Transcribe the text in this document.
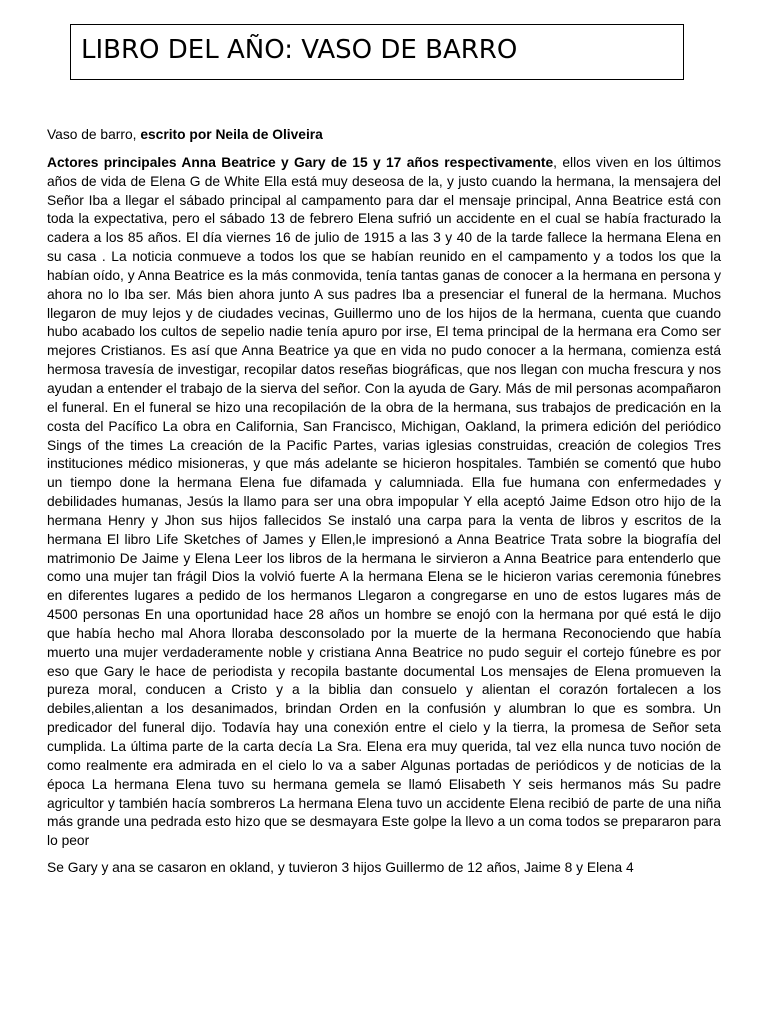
LIBRO DEL AÑO: VASO DE BARRO

Vaso de barro, escrito por Neila de Oliveira

Actores principales Anna Beatrice y Gary de 15 y 17 años respectivamente, ellos viven en los últimos años de vida de Elena G de White Ella está muy deseosa de la, y justo cuando la hermana, la mensajera del Señor Iba a llegar el sábado principal al campamento para dar el mensaje principal, Anna Beatrice está con toda la expectativa, pero el sábado 13 de febrero Elena sufrió un accidente en el cual se había fracturado la cadera a los 85 años. El día viernes 16 de julio de 1915 a las 3 y 40 de la tarde fallece la hermana Elena en su casa . La noticia conmueve a todos los que se habían reunido en el campamento y a todos los que la habían oído, y Anna Beatrice es la más conmovida, tenía tantas ganas de conocer a la hermana en persona y ahora no lo Iba ser. Más bien ahora junto A sus padres Iba a presenciar el funeral de la hermana. Muchos llegaron de muy lejos y de ciudades vecinas, Guillermo uno de los hijos de la hermana, cuenta que cuando hubo acabado los cultos de sepelio nadie tenía apuro por irse, El tema principal de la hermana era Como ser mejores Cristianos. Es así que Anna Beatrice ya que en vida no pudo conocer a la hermana, comienza está hermosa travesía de investigar, recopilar datos reseñas biográficas, que nos llegan con mucha frescura y nos ayudan a entender el trabajo de la sierva del señor. Con la ayuda de Gary. Más de mil personas acompañaron el funeral. En el funeral se hizo una recopilación de la obra de la hermana, sus trabajos de predicación en la costa del Pacífico La obra en California, San Francisco, Michigan, Oakland, la primera edición del periódico Sings of the times La creación de la Pacific Partes, varias iglesias construidas, creación de colegios Tres instituciones médico misioneras, y que más adelante se hicieron hospitales. También se comentó que hubo un tiempo done la hermana Elena fue difamada y calumniada. Ella fue humana con enfermedades y debilidades humanas, Jesús la llamo para ser una obra impopular Y ella aceptó Jaime Edson otro hijo de la hermana Henry y Jhon sus hijos fallecidos Se instaló una carpa para la venta de libros y escritos de la hermana El libro Life Sketches of James y Ellen,le impresionó a Anna Beatrice Trata sobre la biografía del matrimonio De Jaime y Elena Leer los libros de la hermana le sirvieron a Anna Beatrice para entenderlo que como una mujer tan frágil Dios la volvió fuerte A la hermana Elena se le hicieron varias ceremonia fúnebres en diferentes lugares a pedido de los hermanos Llegaron a congregarse en uno de estos lugares más de 4500 personas En una oportunidad hace 28 años un hombre se enojó con la hermana por qué está le dijo que había hecho mal Ahora lloraba desconsolado por la muerte de la hermana Reconociendo que había muerto una mujer verdaderamente noble y cristiana Anna Beatrice no pudo seguir el cortejo fúnebre es por eso que Gary le hace de periodista y recopila bastante documental Los mensajes de Elena promueven la pureza moral, conducen a Cristo y a la biblia dan consuelo y alientan el corazón fortalecen a los debiles,alientan a los desanimados, brindan Orden en la confusión y alumbran lo que es sombra. Un predicador del funeral dijo. Todavía hay una conexión entre el cielo y la tierra, la promesa de Señor seta cumplida. La última parte de la carta decía La Sra. Elena era muy querida, tal vez ella nunca tuvo noción de como realmente era admirada en el cielo lo va a saber Algunas portadas de periódicos y de noticias de la época La hermana Elena tuvo su hermana gemela se llamó Elisabeth Y seis hermanos más Su padre agricultor y también hacía sombreros La hermana Elena tuvo un accidente Elena recibió de parte de una niña más grande una pedrada esto hizo que se desmayara Este golpe la llevo a un coma todos se prepararon para lo peor

Se Gary y ana se casaron en okland, y tuvieron 3 hijos Guillermo de 12 años, Jaime 8 y Elena 4
